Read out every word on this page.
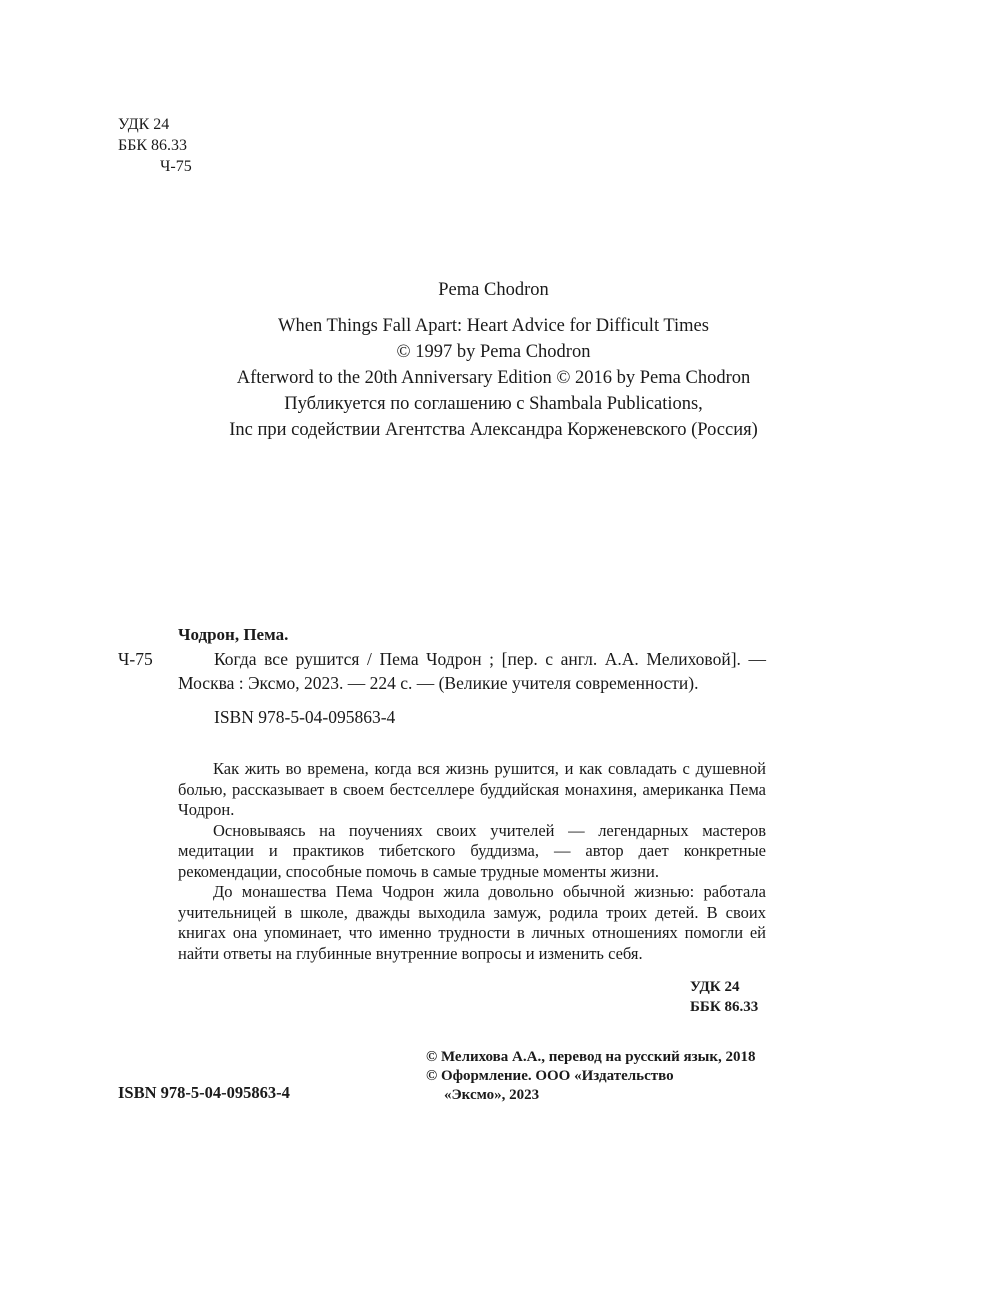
УДК 24
ББК 86.33
Ч-75
Pema Chodron
When Things Fall Apart: Heart Advice for Difficult Times
© 1997 by Pema Chodron
Afterword to the 20th Anniversary Edition © 2016 by Pema Chodron
Публикуется по соглашению с Shambala Publications,
Inc при содействии Агентства Александра Корженевского (Россия)
Чодрон, Пема.
Ч-75	Когда все рушится / Пема Чодрон ; [пер. с англ. А.А. Мелиховой]. — Москва : Эксмо, 2023. — 224 с. — (Великие учителя современности).
ISBN 978-5-04-095863-4

Как жить во времена, когда вся жизнь рушится, и как совладать с душевной болью, рассказывает в своем бестселлере буддийская монахиня, американка Пема Чодрон.

Основываясь на поучениях своих учителей — легендарных мастеров медитации и практиков тибетского буддизма, — автор дает конкретные рекомендации, способные помочь в самые трудные моменты жизни.

До монашества Пема Чодрон жила довольно обычной жизнью: работала учительницей в школе, дважды выходила замуж, родила троих детей. В своих книгах она упоминает, что именно трудности в личных отношениях помогли ей найти ответы на глубинные внутренние вопросы и изменить себя.

УДК 24
ББК 86.33
© Мелихова А.А., перевод на русский язык, 2018
© Оформление. ООО «Издательство
«Эксмо», 2023
ISBN 978-5-04-095863-4
